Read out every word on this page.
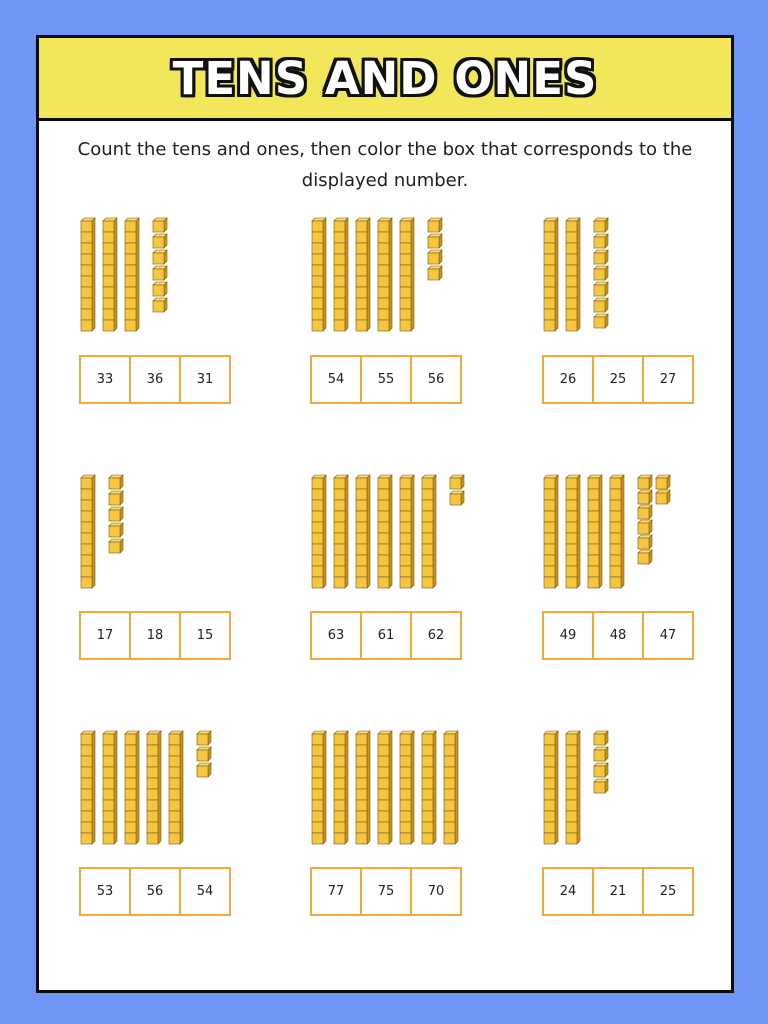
TENS AND ONES
Count the tens and ones, then color the box that corresponds to the displayed number.
33	36	31	54	55	56	26	25	27
17	18	15	63	61	62	49	48	47
53	56	54	77	75	70	24	21	25
